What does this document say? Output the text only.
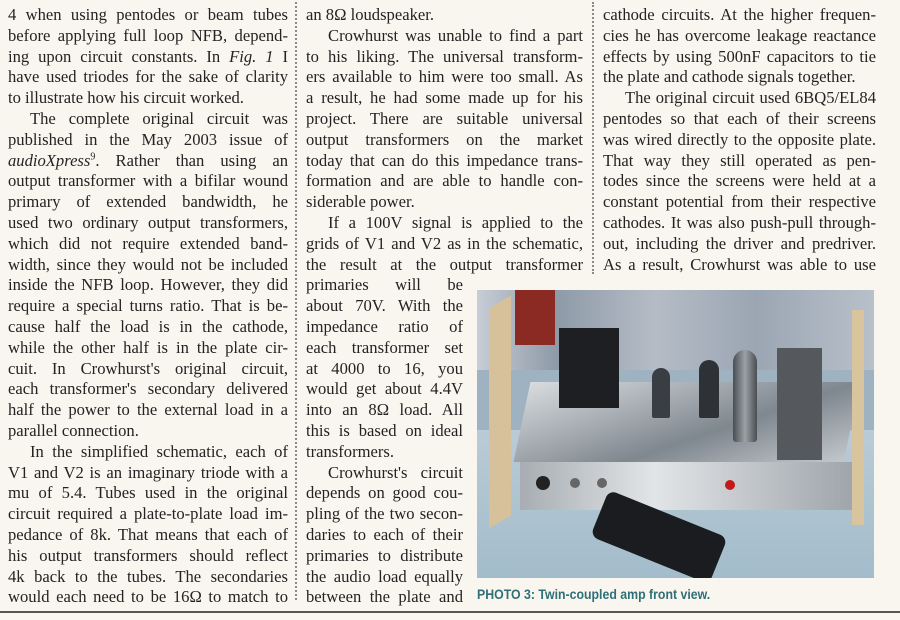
4 when using pentodes or beam tubes
before applying full loop NFB, depend-
ing upon circuit constants. In Fig. 1 I
have used triodes for the sake of clarity
to illustrate how his circuit worked.
The complete original circuit was
published in the May 2003 issue of
audioXpress$^9$. Rather than using an
output transformer with a bifilar wound
primary of extended bandwidth, he
used two ordinary output transformers,
which did not require extended band-
width, since they would not be included
inside the NFB loop. However, they did
require a special turns ratio. That is be-
cause half the load is in the cathode,
while the other half is in the plate cir-
cuit. In Crowhurst's original circuit,
each transformer's secondary delivered
half the power to the external load in a
parallel connection.
In the simplified schematic, each of
V1 and V2 is an imaginary triode with a
mu of 5.4. Tubes used in the original
circuit required a plate-to-plate load im-
pedance of 8k. That means that each of
his output transformers should reflect
4k back to the tubes. The secondaries
would each need to be 16Ω to match to
an 8Ω loudspeaker.
Crowhurst was unable to find a part
to his liking. The universal transform-
ers available to him were too small. As
a result, he had some made up for his
project. There are suitable universal
output transformers on the market
today that can do this impedance trans-
formation and are able to handle con-
siderable power.
If a 100V signal is applied to the
grids of V1 and V2 as in the schematic,
the result at the output transformer
primaries will be
about 70V. With the
impedance ratio of
each transformer set
at 4000 to 16, you
would get about 4.4V
into an 8Ω load. All
this is based on ideal
transformers.
Crowhurst's circuit
depends on good cou-
pling of the two secon-
daries to each of their
primaries to distribute
the audio load equally
between the plate and
cathode circuits. At the higher frequen-
cies he has overcome leakage reactance
effects by using 500nF capacitors to tie
the plate and cathode signals together.
The original circuit used 6BQ5/EL84
pentodes so that each of their screens
was wired directly to the opposite plate.
That way they still operated as pen-
todes since the screens were held at a
constant potential from their respective
cathodes. It was also push-pull through-
out, including the driver and predriver.
As a result, Crowhurst was able to use
PHOTO 3: Twin-coupled amp front view.
